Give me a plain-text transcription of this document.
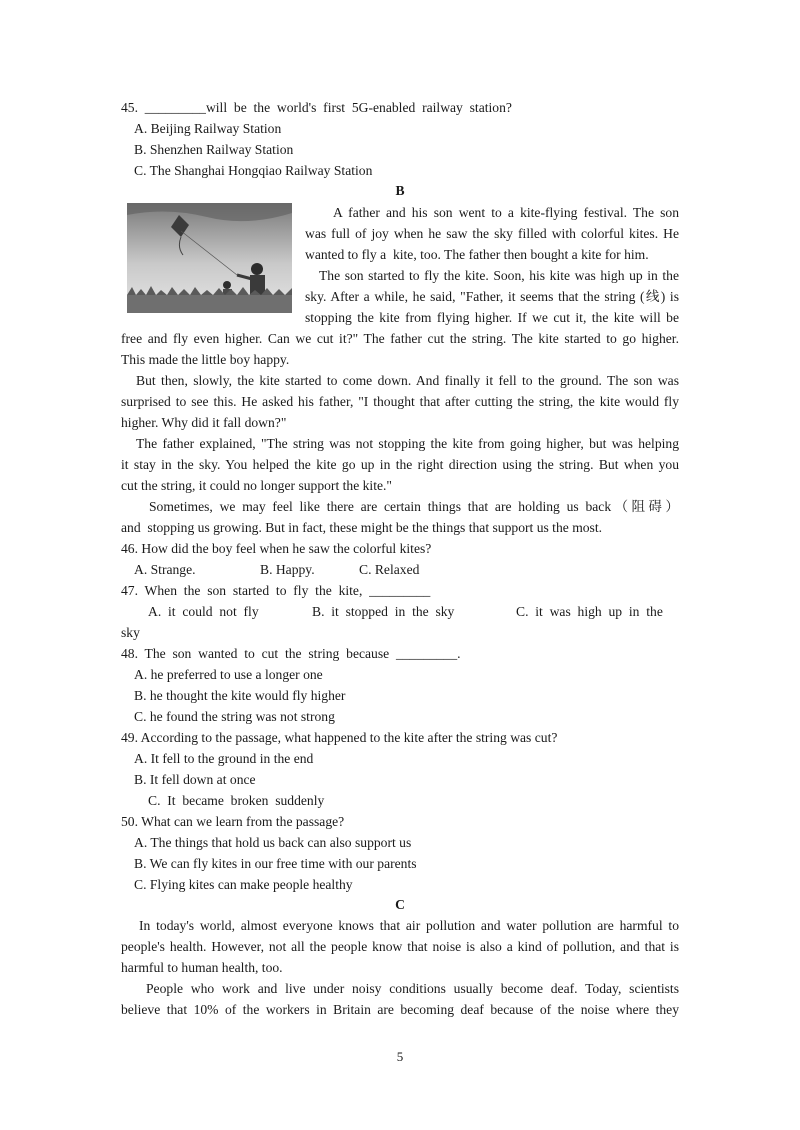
45.  _________will  be  the  world's  first  5G-enabled  railway  station?
A. Beijing Railway Station
B. Shenzhen Railway Station
C. The Shanghai Hongqiao Railway Station
B
A father and his son went to a kite-flying festival. The son
was full of joy when he saw the sky filled with colorful kites. He
wanted to fly a  kite, too. The father then bought a kite for him.
The son started to fly the kite. Soon, his kite was high up in the
sky. After a while, he said, "Father, it seems that the string (线) is
stopping the kite from flying higher. If we cut it, the kite will be
free and fly even higher. Can we cut it?" The father cut the string. The kite started to go higher.
This made the little boy happy.
But then, slowly, the kite started to come down. And finally it fell to the ground. The son was
surprised to see this. He asked his father, "I thought that after cutting the string, the kite would fly
higher. Why did it fall down?"
The father explained, "The string was not stopping the kite from going higher, but was helping
it stay in the sky. You helped the kite go up in the right direction using the string. But when you
cut the string, it could no longer support the kite."
Sometimes, we may feel like there are certain things that are holding us back（阻碍）
and  stopping us growing. But in fact, these might be the things that support us the most.
46. How did the boy feel when he saw the colorful kites?
A. Strange.	B. Happy.	C. Relaxed
47.  When  the  son  started  to  fly  the  kite,  _________
A.  it  could  not  fly	B.  it  stopped  in  the  sky	C.  it  was  high  up  in  the
sky
48.  The  son  wanted  to  cut  the  string  because  _________.
A. he preferred to use a longer one
B. he thought the kite would fly higher
C. he found the string was not strong
49. According to the passage, what happened to the kite after the string was cut?
A. It fell to the ground in the end
B. It fell down at once
C.  It  became  broken  suddenly
50. What can we learn from the passage?
A. The things that hold us back can also support us
B. We can fly kites in our free time with our parents
C. Flying kites can make people healthy
C
In today's world, almost everyone knows that air pollution and water pollution are harmful to
people's health. However, not all the people know that noise is also a kind of pollution, and that is
harmful to human health, too.
People who work and live under noisy conditions usually become deaf. Today, scientists
believe that 10% of the workers in Britain are becoming deaf because of the noise where they
5
